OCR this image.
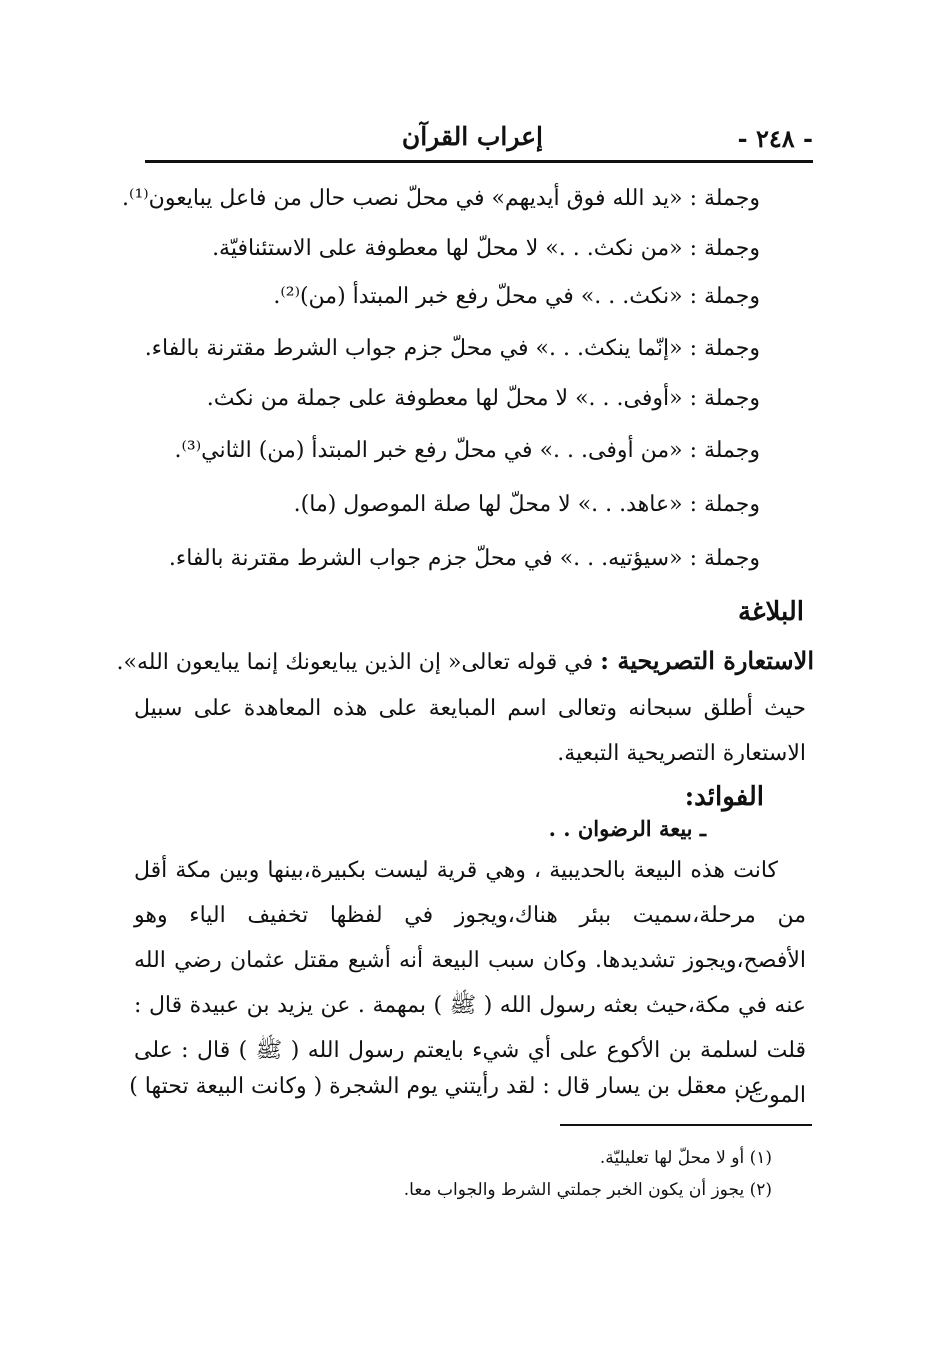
- ٢٤٨ -
إعراب القرآن
وجملة : «يد الله فوق أيديهم» في محلّ نصب حال من فاعل يبايعون⁽¹⁾.
وجملة : «من نكث. . .» لا محلّ لها معطوفة على الاستئنافيّة.
وجملة : «نكث. . .» في محلّ رفع خبر المبتدأ (من)⁽²⁾.
وجملة : «إنّما ينكث. . .» في محلّ جزم جواب الشرط مقترنة بالفاء.
وجملة : «أوفى. . .» لا محلّ لها معطوفة على جملة من نكث.
وجملة : «من أوفى. . .» في محلّ رفع خبر المبتدأ (من) الثاني⁽³⁾.
وجملة : «عاهد. . .» لا محلّ لها صلة الموصول (ما).
وجملة : «سيؤتيه. . .» في محلّ جزم جواب الشرط مقترنة بالفاء.
البلاغة
الاستعارة التصريحية : في قوله تعالى« إن الذين يبايعونك إنما يبايعون الله».

حيث أطلق سبحانه وتعالى اسم المبايعة على هذه المعاهدة على سبيل الاستعارة التصريحية التبعية.

الفوائد:
ـ بيعة الرضوان . .

كانت هذه البيعة بالحديبية ، وهي قرية ليست بكبيرة،بينها وبين مكة أقل من مرحلة،سميت ببئر هناك،ويجوز في لفظها تخفيف الياء وهو الأفصح،ويجوز تشديدها. وكان سبب البيعة أنه أشيع مقتل عثمان رضي الله عنه في مكة،حيث بعثه رسول الله ( ﷺ ) بمهمة . عن يزيد بن عبيدة قال : قلت لسلمة بن الأكوع على أي شيء بايعتم رسول الله ( ﷺ ) قال : على الموت .

عن معقل بن يسار قال : لقد رأيتني يوم الشجرة ( وكانت البيعة تحتها )
(١) أو لا محلّ لها تعليليّة.
(٢) يجوز أن يكون الخبر جملتي الشرط والجواب معا.
